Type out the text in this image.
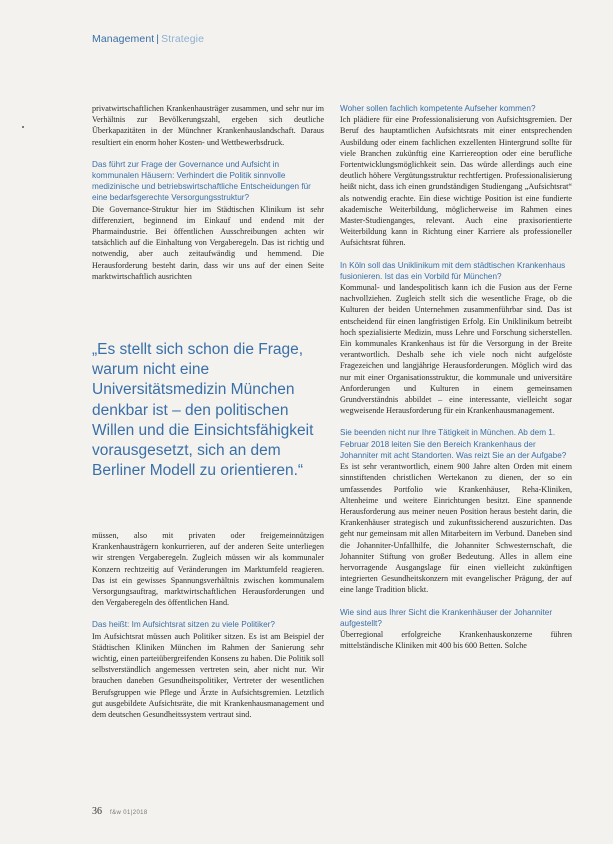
Management | Strategie

privatwirtschaftlichen Krankenhausträger zusammen, und sehr nur im Verhältnis zur Bevölkerungszahl, ergeben sich deutliche Überkapazitäten in der Münchner Krankenhauslandschaft. Daraus resultiert ein enorm hoher Kosten- und Wettbewerbsdruck.

Das führt zur Frage der Governance und Aufsicht in kommunalen Häusern: Verhindert die Politik sinnvolle medizinische und betriebswirtschaftliche Entscheidungen für eine bedarfsgerechte Versorgungsstruktur?

Die Governance-Struktur hier im Städtischen Klinikum ist sehr differenziert, beginnend im Einkauf und endend mit der Pharmaindustrie. Bei öffentlichen Ausschreibungen achten wir tatsächlich auf die Einhaltung von Vergaberegeln. Das ist richtig und notwendig, aber auch zeitaufwändig und hemmend. Die Herausforderung besteht darin, dass wir uns auf der einen Seite marktwirtschaftlich ausrichten

„Es stellt sich schon die Frage, warum nicht eine Universitätsmedizin München denkbar ist – den politischen Willen und die Einsichtsfähigkeit vorausgesetzt, sich an dem Berliner Modell zu orientieren.“

müssen, also mit privaten oder freigemeinnützigen Krankenhausträgern konkurrieren, auf der anderen Seite unterliegen wir strengen Vergaberegeln. Zugleich müssen wir als kommunaler Konzern rechtzeitig auf Veränderungen im Marktumfeld reagieren. Das ist ein gewisses Spannungsverhältnis zwischen kommunalem Versorgungsauftrag, marktwirtschaftlichen Herausforderungen und den Vergaberegeln des öffentlichen Hand.

Das heißt: Im Aufsichtsrat sitzen zu viele Politiker?

Im Aufsichtsrat müssen auch Politiker sitzen. Es ist am Beispiel der Städtischen Kliniken München im Rahmen der Sanierung sehr wichtig, einen parteiübergreifenden Konsens zu haben. Die Politik soll selbstverständlich angemessen vertreten sein, aber nicht nur. Wir brauchen daneben Gesundheitspolitiker, Vertreter der wesentlichen Berufsgruppen wie Pflege und Ärzte in Aufsichtsgremien. Letztlich gut ausgebildete Aufsichtsräte, die mit Krankenhausmanagement und dem deutschen Gesundheitssystem vertraut sind.

Woher sollen fachlich kompetente Aufseher kommen?

Ich plädiere für eine Professionalisierung von Aufsichtsgremien. Der Beruf des hauptamtlichen Aufsichtsrats mit einer entsprechenden Ausbildung oder einem fachlichen exzellenten Hintergrund sollte für viele Branchen zukünftig eine Karriereoption oder eine berufliche Fortentwicklungsmöglichkeit sein. Das würde allerdings auch eine deutlich höhere Vergütungsstruktur rechtfertigen. Professionalisierung heißt nicht, dass ich einen grundständigen Studiengang „Aufsichtsrat“ als notwendig erachte. Ein diese wichtige Position ist eine fundierte akademische Weiterbildung, möglicherweise im Rahmen eines Master-Studienganges, relevant. Auch eine praxisorientierte Weiterbildung kann in Richtung einer Karriere als professioneller Aufsichtsrat führen.

In Köln soll das Uniklinikum mit dem städtischen Krankenhaus fusionieren. Ist das ein Vorbild für München?

Kommunal- und landespolitisch kann ich die Fusion aus der Ferne nachvollziehen. Zugleich stellt sich die wesentliche Frage, ob die Kulturen der beiden Unternehmen zusammenführbar sind. Das ist entscheidend für einen langfristigen Erfolg. Ein Uniklinikum betreibt hoch spezialisierte Medizin, muss Lehre und Forschung sicherstellen. Ein kommunales Krankenhaus ist für die Versorgung in der Breite verantwortlich. Deshalb sehe ich viele noch nicht aufgelöste Fragezeichen und langjährige Herausforderungen. Möglich wird das nur mit einer Organisationsstruktur, die kommunale und universitäre Anforderungen und Kulturen in einem gemeinsamen Grundverständnis abbildet – eine interessante, vielleicht sogar wegweisende Herausforderung für ein Krankenhausmanagement.

Sie beenden nicht nur Ihre Tätigkeit in München. Ab dem 1. Februar 2018 leiten Sie den Bereich Krankenhaus der Johanniter mit acht Standorten. Was reizt Sie an der Aufgabe?

Es ist sehr verantwortlich, einem 900 Jahre alten Orden mit einem sinnstiftenden christlichen Wertekanon zu dienen, der so ein umfassendes Portfolio wie Krankenhäuser, Reha-Kliniken, Altenheime und weitere Einrichtungen besitzt. Eine spannende Herausforderung aus meiner neuen Position heraus besteht darin, die Krankenhäuser strategisch und zukunftssicherend auszurichten. Das geht nur gemeinsam mit allen Mitarbeitern im Verbund. Daneben sind die Johanniter-Unfallhilfe, die Johanniter Schwesternschaft, die Johanniter Stiftung von großer Bedeutung. Alles in allem eine hervorragende Ausgangslage für einen vielleicht zukünftigen integrierten Gesundheitskonzern mit evangelischer Prägung, der auf eine lange Tradition blickt.

Wie sind aus Ihrer Sicht die Krankenhäuser der Johanniter aufgestellt?

Überregional erfolgreiche Krankenhauskonzerne führen mittelständische Kliniken mit 400 bis 600 Betten. Solche

36 f&w 01|2018
